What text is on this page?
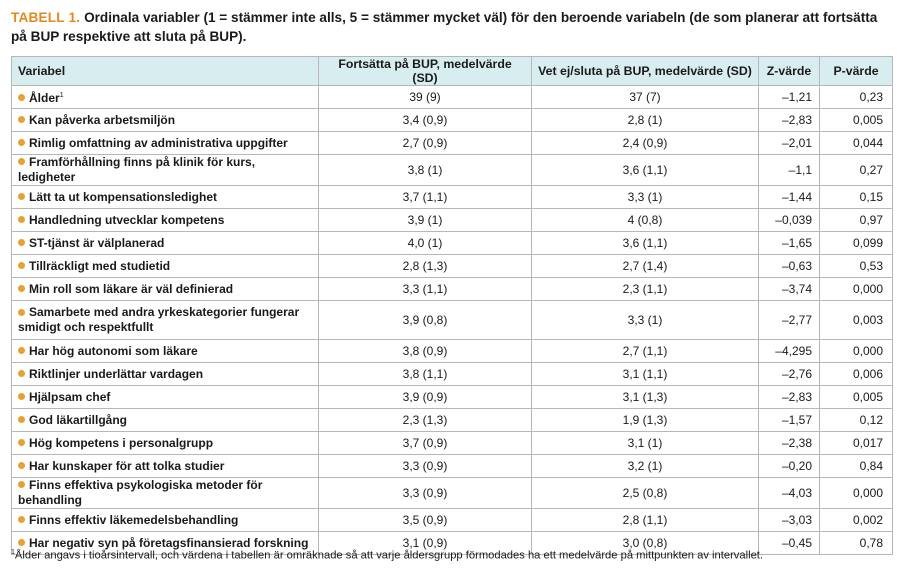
TABELL 1. Ordinala variabler (1 = stämmer inte alls, 5 = stämmer mycket väl) för den beroende variabeln (de som planerar att fortsätta på BUP respektive att sluta på BUP).
Variabel	Fortsätta på BUP, medelvärde (SD)	Vet ej/sluta på BUP, medelvärde (SD)	Z-värde	P-värde
Ålder$^1$	39 (9)	37 (7)	–1,21	0,23
Kan påverka arbetsmiljön	3,4 (0,9)	2,8 (1)	–2,83	0,005
Rimlig omfattning av administrativa uppgifter	2,7 (0,9)	2,4 (0,9)	–2,01	0,044
Framförhållning finns på klinik för kurs, ledigheter	3,8 (1)	3,6 (1,1)	–1,1	0,27
Lätt ta ut kompensationsledighet	3,7 (1,1)	3,3 (1)	–1,44	0,15
Handledning utvecklar kompetens	3,9 (1)	4 (0,8)	–0,039	0,97
ST-tjänst är välplanerad	4,0 (1)	3,6 (1,1)	–1,65	0,099
Tillräckligt med studietid	2,8 (1,3)	2,7 (1,4)	–0,63	0,53
Min roll som läkare är väl definierad	3,3 (1,1)	2,3 (1,1)	–3,74	0,000
Samarbete med andra yrkeskategorier fungerar smidigt och respektfullt	3,9 (0,8)	3,3 (1)	–2,77	0,003
Har hög autonomi som läkare	3,8 (0,9)	2,7 (1,1)	–4,295	0,000
Riktlinjer underlättar vardagen	3,8 (1,1)	3,1 (1,1)	–2,76	0,006
Hjälpsam chef	3,9 (0,9)	3,1 (1,3)	–2,83	0,005
God läkartillgång	2,3 (1,3)	1,9 (1,3)	–1,57	0,12
Hög kompetens i personalgrupp	3,7 (0,9)	3,1 (1)	–2,38	0,017
Har kunskaper för att tolka studier	3,3 (0,9)	3,2 (1)	–0,20	0,84
Finns effektiva psykologiska metoder för behandling	3,3 (0,9)	2,5 (0,8)	–4,03	0,000
Finns effektiv läkemedelsbehandling	3,5 (0,9)	2,8 (1,1)	–3,03	0,002
Har negativ syn på företagsfinansierad forskning	3,1 (0,9)	3,0 (0,8)	–0,45	0,78
$^1$Ålder angavs i tioårsintervall, och värdena i tabellen är omräknade så att varje åldersgrupp förmodades ha ett medelvärde på mittpunkten av intervallet.
